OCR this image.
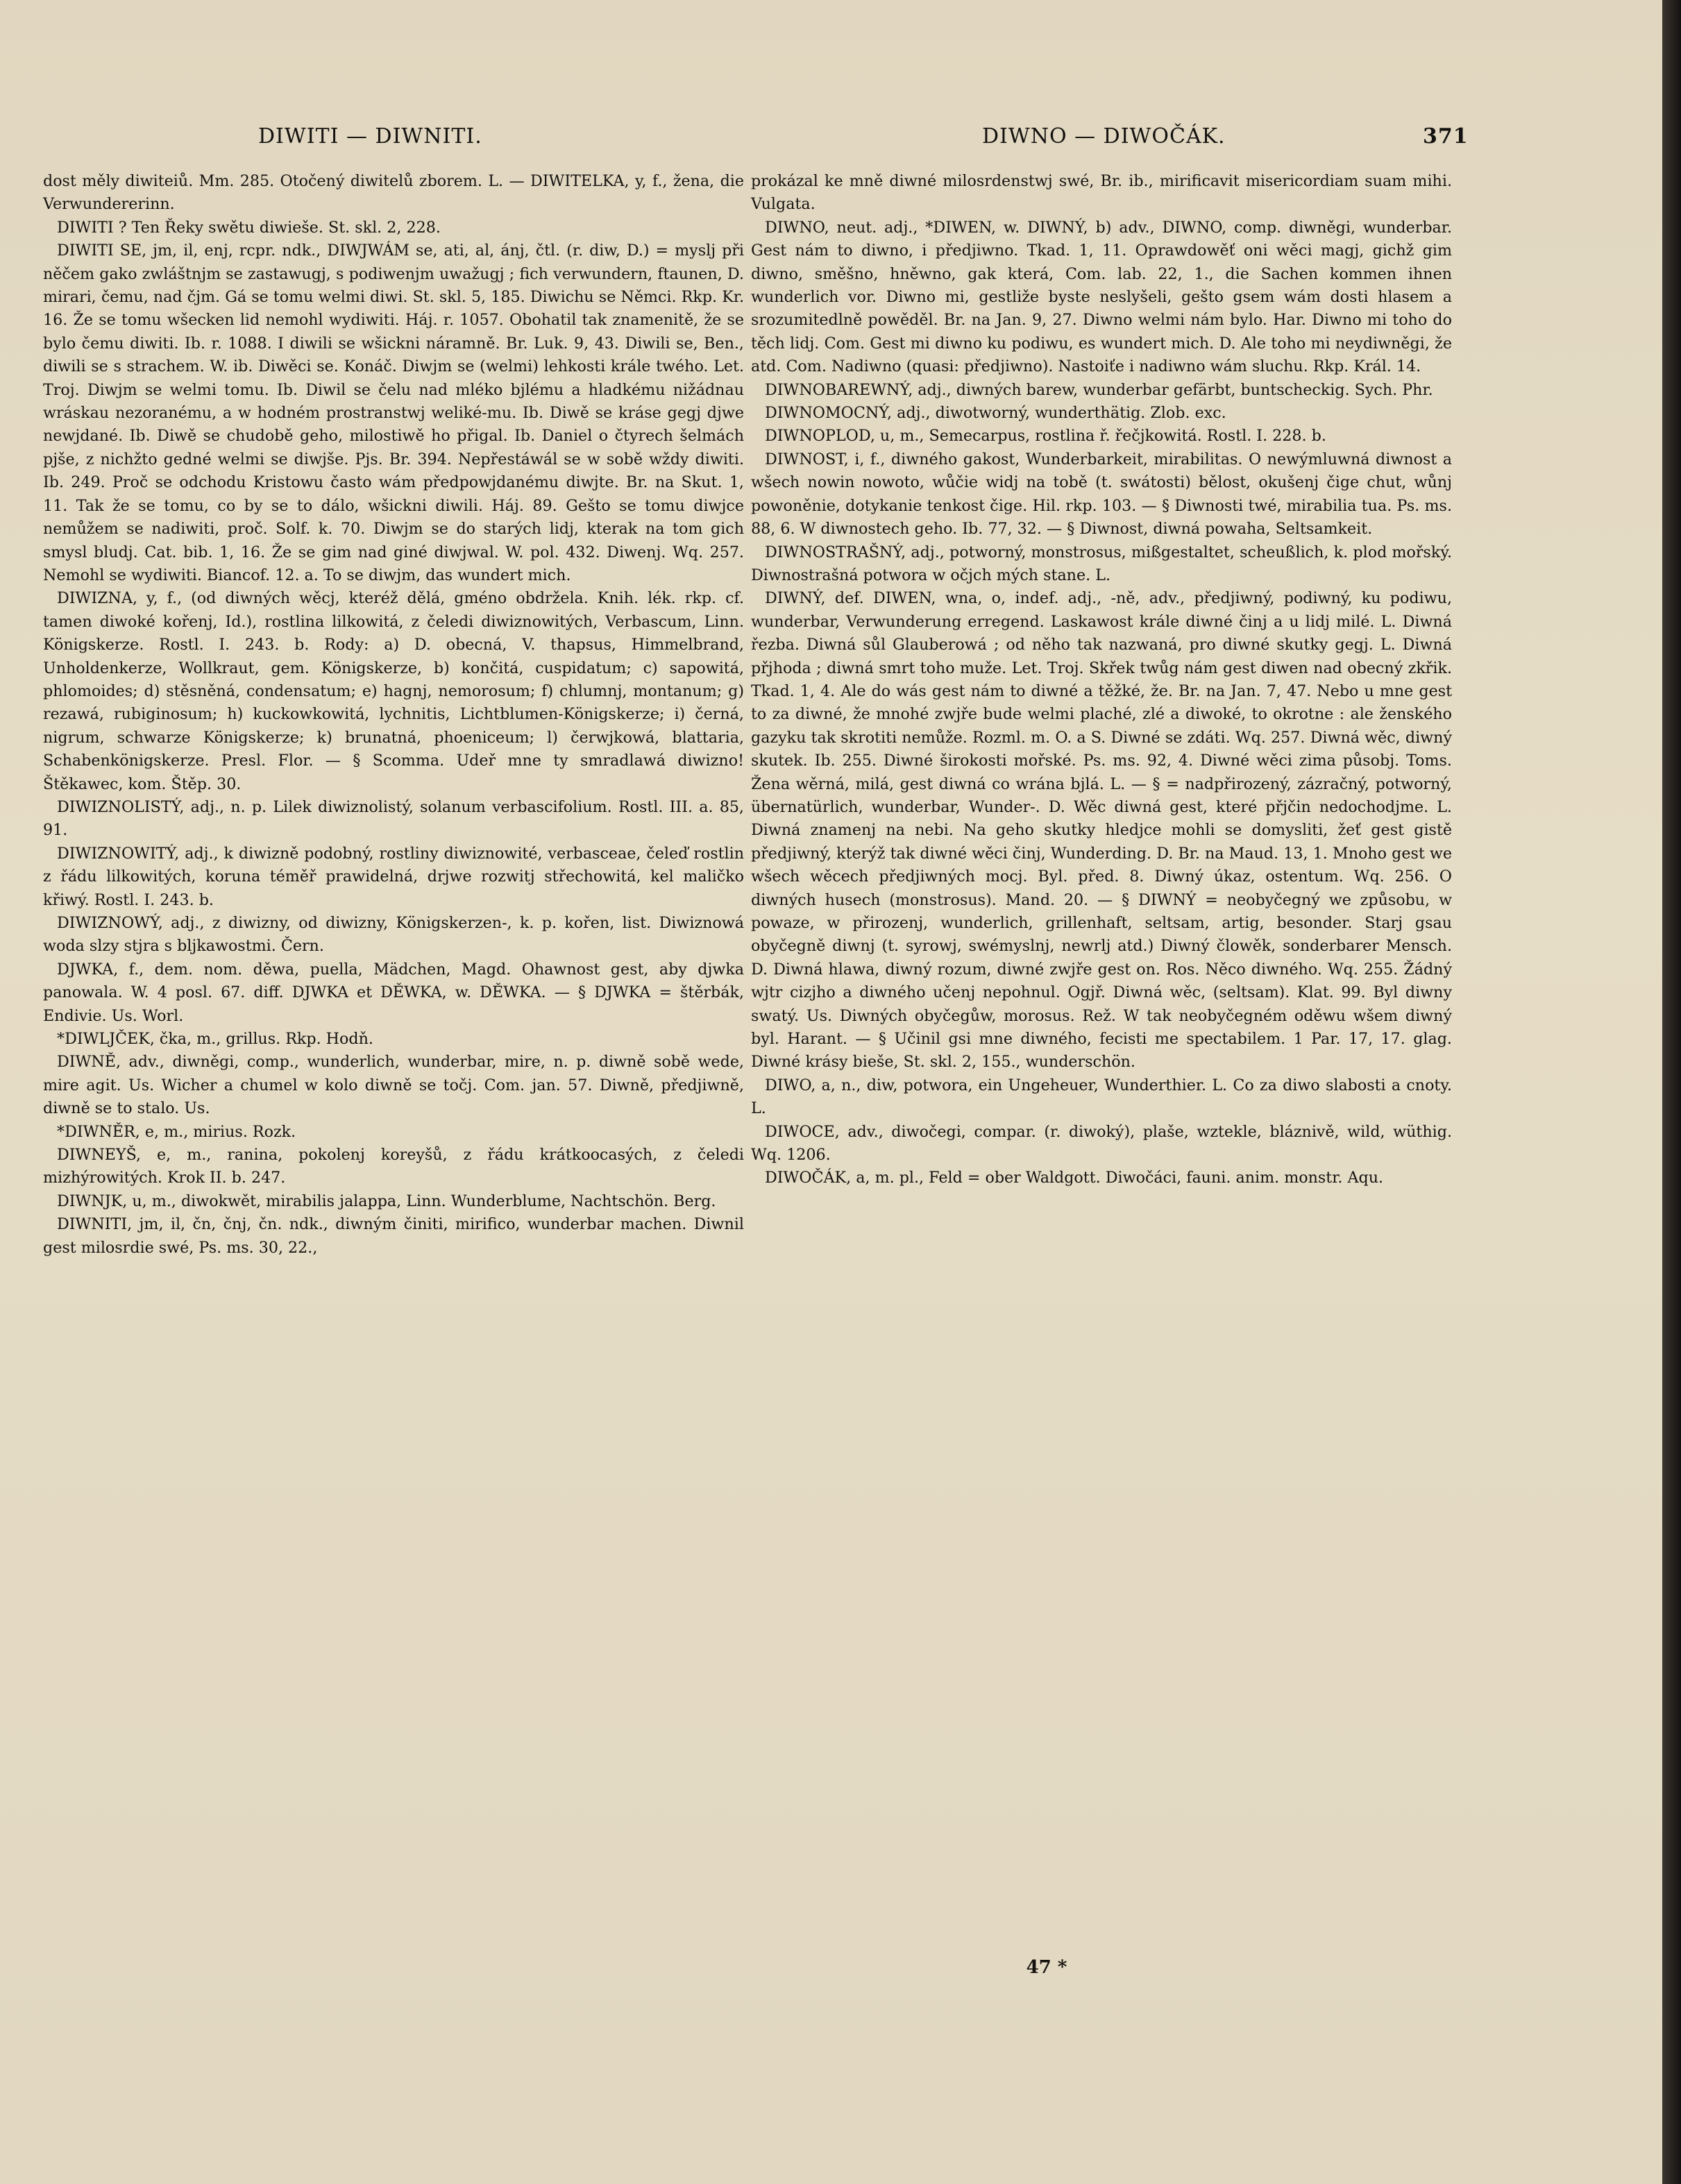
DIWITI — DIWNITI.	DIWNO — DIWOČÁK.	371

dost měly diwiteiů. Mm. 285. Otočený diwitelů zborem. L. — DIWITELKA, y, f., žena, die Verwundererinn.

DIWITI ? Ten Řeky swětu diwieše. St. skl. 2, 228.

DIWITI SE, jm, il, enj, rcpr. ndk., DIWJWÁM se, ati, al, ánj, čtl. (r. diw, D.) = myslj při něčem gako zwláštnjm se zastawugj, s podiwenjm uwažugj ; fich verwundern, ftaunen, D. mirari, čemu, nad čjm. Gá se tomu welmi diwi. St. skl. 5, 185. Diwichu se Němci. Rkp. Kr. 16. Že se tomu wšecken lid nemohl wydiwiti. Háj. r. 1057. Obohatil tak znamenitě, že se bylo čemu diwiti. Ib. r. 1088. I diwili se wšickni náramně. Br. Luk. 9, 43. Diwili se, Ben., diwili se s strachem. W. ib. Diwěci se. Konáč. Diwjm se (welmi) lehkosti krále twého. Let. Troj. Diwjm se welmi tomu. Ib. Diwil se čelu nad mléko bjlému a hladkému nižádnau wráskau nezoranému, a w hodném prostranstwj weliké-mu. Ib. Diwě se kráse gegj djwe newjdané. Ib. Diwě se chudobě geho, milostiwě ho přigal. Ib. Daniel o čtyrech šelmách pjše, z nichžto gedné welmi se diwjše. Pjs. Br. 394. Nepřestáwál se w sobě wždy diwiti. Ib. 249. Proč se odchodu Kristowu často wám předpowjdanému diwjte. Br. na Skut. 1, 11. Tak že se tomu, co by se to dálo, wšickni diwili. Háj. 89. Gešto se tomu diwjce nemůžem se nadiwiti, proč. Solf. k. 70. Diwjm se do starých lidj, kterak na tom gich smysl bludj. Cat. bib. 1, 16. Že se gim nad giné diwjwal. W. pol. 432. Diwenj. Wq. 257. Nemohl se wydiwiti. Biancof. 12. a. To se diwjm, das wundert mich.

DIWIZNA, y, f., (od diwných wěcj, kteréž dělá, gméno obdržela. Knih. lék. rkp. cf. tamen diwoké kořenj, Id.), rostlina lilkowitá, z čeledi diwiznowitých, Verbascum, Linn. Königskerze. Rostl. I. 243. b. Rody: a) D. obecná, V. thapsus, Himmelbrand, Unholdenkerze, Wollkraut, gem. Königskerze, b) končitá, cuspidatum; c) sapowitá, phlomoides; d) stěsněná, condensatum; e) hagnj, nemorosum; f) chlumnj, montanum; g) rezawá, rubiginosum; h) kuckowkowitá, lychnitis, Lichtblumen-Königskerze; i) černá, nigrum, schwarze Königskerze; k) brunatná, phoeniceum; l) čerwjkowá, blattaria, Schabenkönigskerze. Presl. Flor. — § Scomma. Udeř mne ty smradlawá diwizno! Štěkawec, kom. Štěp. 30.

DIWIZNOLISTÝ, adj., n. p. Lilek diwiznolistý, solanum verbascifolium. Rostl. III. a. 85, 91.

DIWIZNOWITÝ, adj., k diwizně podobný, rostliny diwiznowité, verbasceae, čeleď rostlin z řádu lilkowitých, koruna téměř prawidelná, drjwe rozwitj střechowitá, kel maličko křiwý. Rostl. I. 243. b.

DIWIZNOWÝ, adj., z diwizny, od diwizny, Königskerzen-, k. p. kořen, list. Diwiznowá woda slzy stjra s bljkawostmi. Čern.

DJWKA, f., dem. nom. děwa, puella, Mädchen, Magd. Ohawnost gest, aby djwka panowala. W. 4 posl. 67. diff. DJWKA et DĚWKA, w. DĚWKA. — § DJWKA = štěrbák, Endivie. Us. Worl.

*DIWLJČEK, čka, m., grillus. Rkp. Hodň.

DIWNĚ, adv., diwněgi, comp., wunderlich, wunderbar, mire, n. p. diwně sobě wede, mire agit. Us. Wicher a chumel w kolo diwně se točj. Com. jan. 57. Diwně, předjiwně, diwně se to stalo. Us.

*DIWNĚR, e, m., mirius. Rozk.

DIWNEYŠ, e, m., ranina, pokolenj koreyšů, z řádu krátkoocasých, z čeledi mizhýrowitých. Krok II. b. 247.

DIWNJK, u, m., diwokwět, mirabilis jalappa, Linn. Wunderblume, Nachtschön. Berg.

DIWNITI, jm, il, čn, čnj, čn. ndk., diwným činiti, mirifico, wunderbar machen. Diwnil gest milosrdie swé, Ps. ms. 30, 22.,

prokázal ke mně diwné milosrdenstwj swé, Br. ib., mirificavit misericordiam suam mihi. Vulgata.

DIWNO, neut. adj., *DIWEN, w. DIWNÝ, b) adv., DIWNO, comp. diwněgi, wunderbar. Gest nám to diwno, i předjiwno. Tkad. 1, 11. Oprawdowěť oni wěci magj, gichž gim diwno, směšno, hněwno, gak která, Com. lab. 22, 1., die Sachen kommen ihnen wunderlich vor. Diwno mi, gestliže byste neslyšeli, gešto gsem wám dosti hlasem a srozumitedlně powěděl. Br. na Jan. 9, 27. Diwno welmi nám bylo. Har. Diwno mi toho do těch lidj. Com. Gest mi diwno ku podiwu, es wundert mich. D. Ale toho mi neydiwněgi, že atd. Com. Nadiwno (quasi: předjiwno). Nastoiťe i nadiwno wám sluchu. Rkp. Král. 14.

DIWNOBAREWNÝ, adj., diwných barew, wunderbar gefärbt, buntscheckig. Sych. Phr.

DIWNOMOCNÝ, adj., diwotworný, wunderthätig. Zlob. exc.

DIWNOPLOD, u, m., Semecarpus, rostlina ř. řečjkowitá. Rostl. I. 228. b.

DIWNOST, i, f., diwného gakost, Wunderbarkeit, mirabilitas. O newýmluwná diwnost a wšech nowin nowoto, wůčie widj na tobě (t. swátosti) bělost, okušenj čige chut, wůnj powoněnie, dotykanie tenkost čige. Hil. rkp. 103. — § Diwnosti twé, mirabilia tua. Ps. ms. 88, 6. W diwnostech geho. Ib. 77, 32. — § Diwnost, diwná powaha, Seltsamkeit.

DIWNOSTRAŠNÝ, adj., potworný, monstrosus, mißgestaltet, scheußlich, k. plod mořský. Diwnostrašná potwora w očjch mých stane. L.

DIWNÝ, def. DIWEN, wna, o, indef. adj., -ně, adv., předjiwný, podiwný, ku podiwu, wunderbar, Verwunderung erregend. Laskawost krále diwné činj a u lidj milé. L. Diwná řezba. Diwná sůl Glauberowá ; od něho tak nazwaná, pro diwné skutky gegj. L. Diwná přjhoda ; diwná smrt toho muže. Let. Troj. Skřek twůg nám gest diwen nad obecný zkřik. Tkad. 1, 4. Ale do wás gest nám to diwné a těžké, že. Br. na Jan. 7, 47. Nebo u mne gest to za diwné, že mnohé zwjře bude welmi plaché, zlé a diwoké, to okrotne : ale ženského gazyku tak skrotiti nemůže. Rozml. m. O. a S. Diwné se zdáti. Wq. 257. Diwná wěc, diwný skutek. Ib. 255. Diwné širokosti mořské. Ps. ms. 92, 4. Diwné wěci zima působj. Toms. Žena wěrná, milá, gest diwná co wrána bjlá. L. — § = nadpřirozený, zázračný, potworný, übernatürlich, wunderbar, Wunder-. D. Wěc diwná gest, které přjčin nedochodjme. L. Diwná znamenj na nebi. Na geho skutky hledjce mohli se domysliti, žeť gest gistě předjiwný, kterýž tak diwné wěci činj, Wunderding. D. Br. na Maud. 13, 1. Mnoho gest we wšech wěcech předjiwných mocj. Byl. před. 8. Diwný úkaz, ostentum. Wq. 256. O diwných husech (monstrosus). Mand. 20. — § DIWNÝ = neobyčegný we způsobu, w powaze, w přirozenj, wunderlich, grillenhaft, seltsam, artig, besonder. Starj gsau obyčegně diwnj (t. syrowj, swémyslnj, newrlj atd.) Diwný člowěk, sonderbarer Mensch. D. Diwná hlawa, diwný rozum, diwné zwjře gest on. Ros. Něco diwného. Wq. 255. Žádný wjtr cizjho a diwného učenj nepohnul. Ogjř. Diwná wěc, (seltsam). Klat. 99. Byl diwny swatý. Us. Diwných obyčegůw, morosus. Rež. W tak neobyčegném oděwu wšem diwný byl. Harant. — § Učinil gsi mne diwného, fecisti me spectabilem. 1 Par. 17, 17. glag. Diwné krásy bieše, St. skl. 2, 155., wunderschön.

DIWO, a, n., diw, potwora, ein Ungeheuer, Wunderthier. L. Co za diwo slabosti a cnoty. L.

DIWOCE, adv., diwočegi, compar. (r. diwoký), plaše, wztekle, bláznivě, wild, wüthig. Wq. 1206.

DIWOČÁK, a, m. pl., Feld = ober Waldgott. Diwočáci, fauni. anim. monstr. Aqu.

47 *
